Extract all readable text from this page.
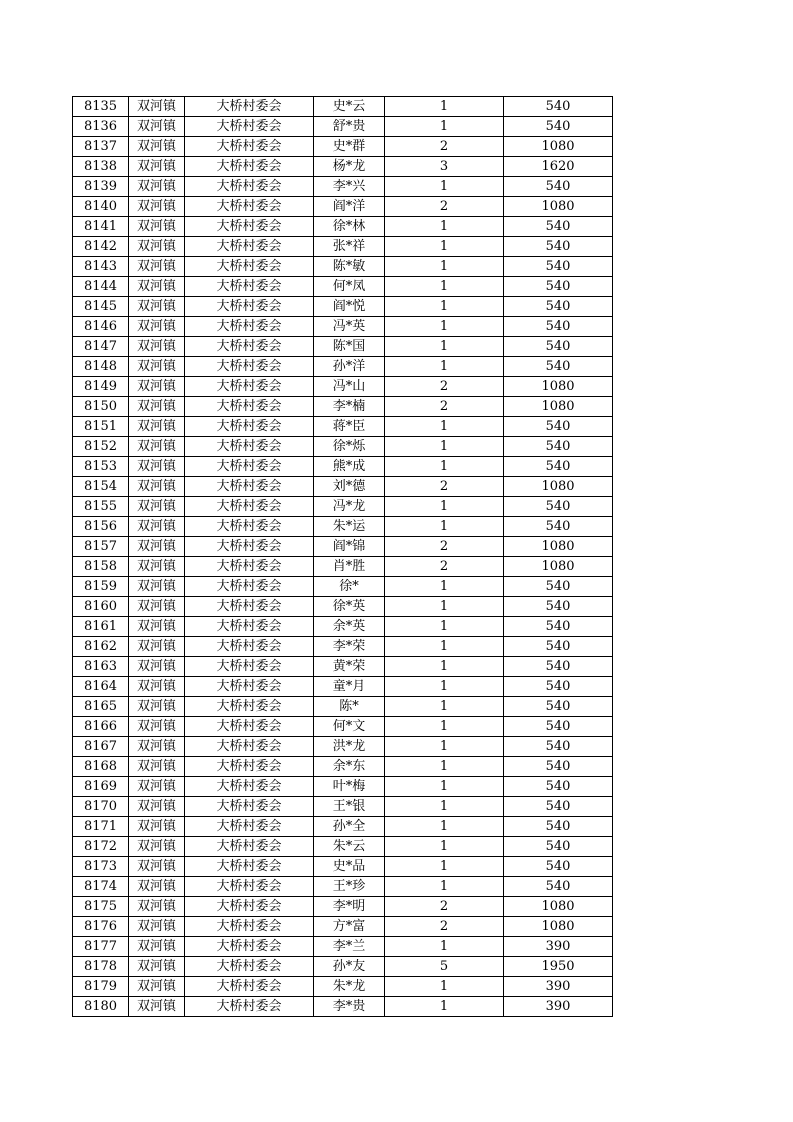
8135	双河镇	大桥村委会	史*云	1	540
8136	双河镇	大桥村委会	舒*贵	1	540
8137	双河镇	大桥村委会	史*群	2	1080
8138	双河镇	大桥村委会	杨*龙	3	1620
8139	双河镇	大桥村委会	李*兴	1	540
8140	双河镇	大桥村委会	阎*洋	2	1080
8141	双河镇	大桥村委会	徐*林	1	540
8142	双河镇	大桥村委会	张*祥	1	540
8143	双河镇	大桥村委会	陈*敏	1	540
8144	双河镇	大桥村委会	何*凤	1	540
8145	双河镇	大桥村委会	阎*悦	1	540
8146	双河镇	大桥村委会	冯*英	1	540
8147	双河镇	大桥村委会	陈*国	1	540
8148	双河镇	大桥村委会	孙*洋	1	540
8149	双河镇	大桥村委会	冯*山	2	1080
8150	双河镇	大桥村委会	李*楠	2	1080
8151	双河镇	大桥村委会	蒋*臣	1	540
8152	双河镇	大桥村委会	徐*烁	1	540
8153	双河镇	大桥村委会	熊*成	1	540
8154	双河镇	大桥村委会	刘*德	2	1080
8155	双河镇	大桥村委会	冯*龙	1	540
8156	双河镇	大桥村委会	朱*运	1	540
8157	双河镇	大桥村委会	阎*锦	2	1080
8158	双河镇	大桥村委会	肖*胜	2	1080
8159	双河镇	大桥村委会	徐*	1	540
8160	双河镇	大桥村委会	徐*英	1	540
8161	双河镇	大桥村委会	余*英	1	540
8162	双河镇	大桥村委会	李*荣	1	540
8163	双河镇	大桥村委会	黄*荣	1	540
8164	双河镇	大桥村委会	童*月	1	540
8165	双河镇	大桥村委会	陈*	1	540
8166	双河镇	大桥村委会	何*文	1	540
8167	双河镇	大桥村委会	洪*龙	1	540
8168	双河镇	大桥村委会	余*东	1	540
8169	双河镇	大桥村委会	叶*梅	1	540
8170	双河镇	大桥村委会	王*银	1	540
8171	双河镇	大桥村委会	孙*全	1	540
8172	双河镇	大桥村委会	朱*云	1	540
8173	双河镇	大桥村委会	史*品	1	540
8174	双河镇	大桥村委会	王*珍	1	540
8175	双河镇	大桥村委会	李*明	2	1080
8176	双河镇	大桥村委会	方*富	2	1080
8177	双河镇	大桥村委会	李*兰	1	390
8178	双河镇	大桥村委会	孙*友	5	1950
8179	双河镇	大桥村委会	朱*龙	1	390
8180	双河镇	大桥村委会	李*贵	1	390
